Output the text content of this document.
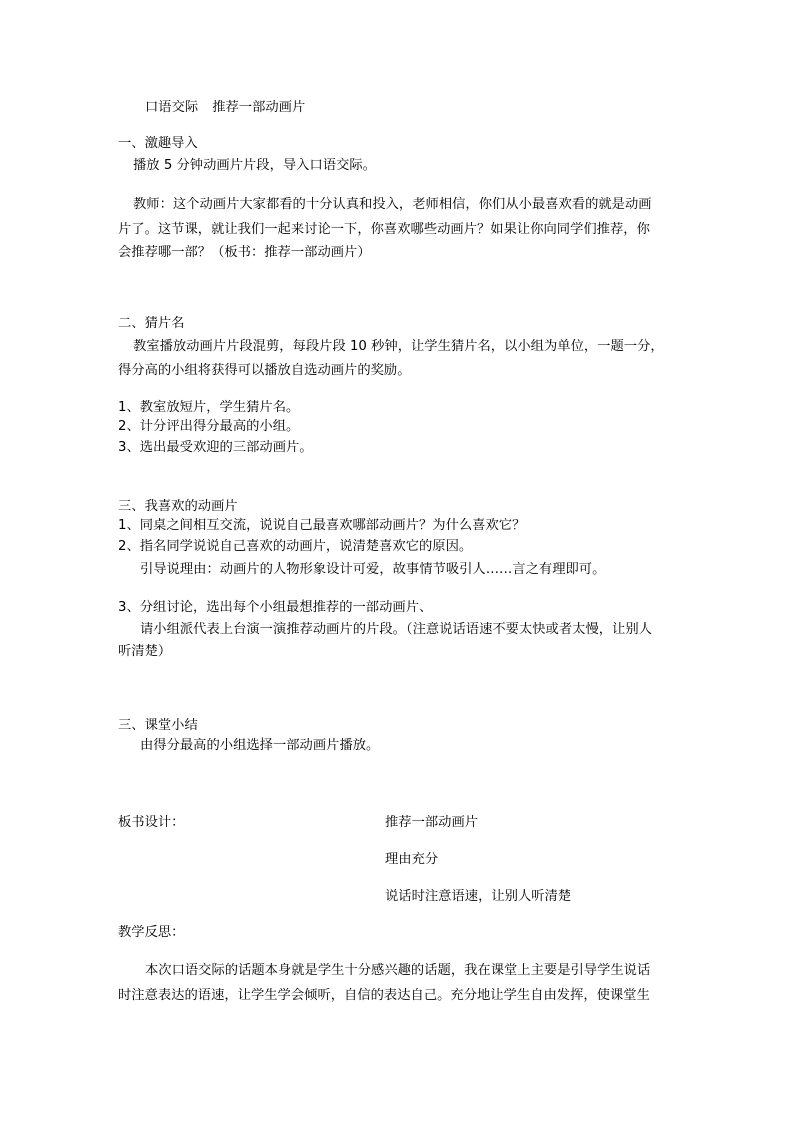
口语交际 推荐一部动画片
一、激趣导入
播放 5 分钟动画片片段，导入口语交际。
教师：这个动画片大家都看的十分认真和投入，老师相信，你们从小最喜欢看的就是动画
片了。这节课，就让我们一起来讨论一下，你喜欢哪些动画片？如果让你向同学们推荐，你
会推荐哪一部？（板书：推荐一部动画片）
二、猜片名
教室播放动画片片段混剪，每段片段 10 秒钟，让学生猜片名，以小组为单位，一题一分，
得分高的小组将获得可以播放自选动画片的奖励。
1、教室放短片，学生猜片名。
2、计分评出得分最高的小组。
3、选出最受欢迎的三部动画片。
三、我喜欢的动画片
1、同桌之间相互交流，说说自己最喜欢哪部动画片？为什么喜欢它？
2、指名同学说说自己喜欢的动画片，说清楚喜欢它的原因。
引导说理由：动画片的人物形象设计可爱，故事情节吸引人……言之有理即可。
3、分组讨论，选出每个小组最想推荐的一部动画片、
请小组派代表上台演一演推荐动画片的片段。（注意说话语速不要太快或者太慢，让别人
听清楚）
三、课堂小结
由得分最高的小组选择一部动画片播放。
板书设计：	推荐一部动画片
理由充分
说话时注意语速，让别人听清楚
教学反思：
本次口语交际的话题本身就是学生十分感兴趣的话题，我在课堂上主要是引导学生说话
时注意表达的语速，让学生学会倾听，自信的表达自己。充分地让学生自由发挥，使课堂生
